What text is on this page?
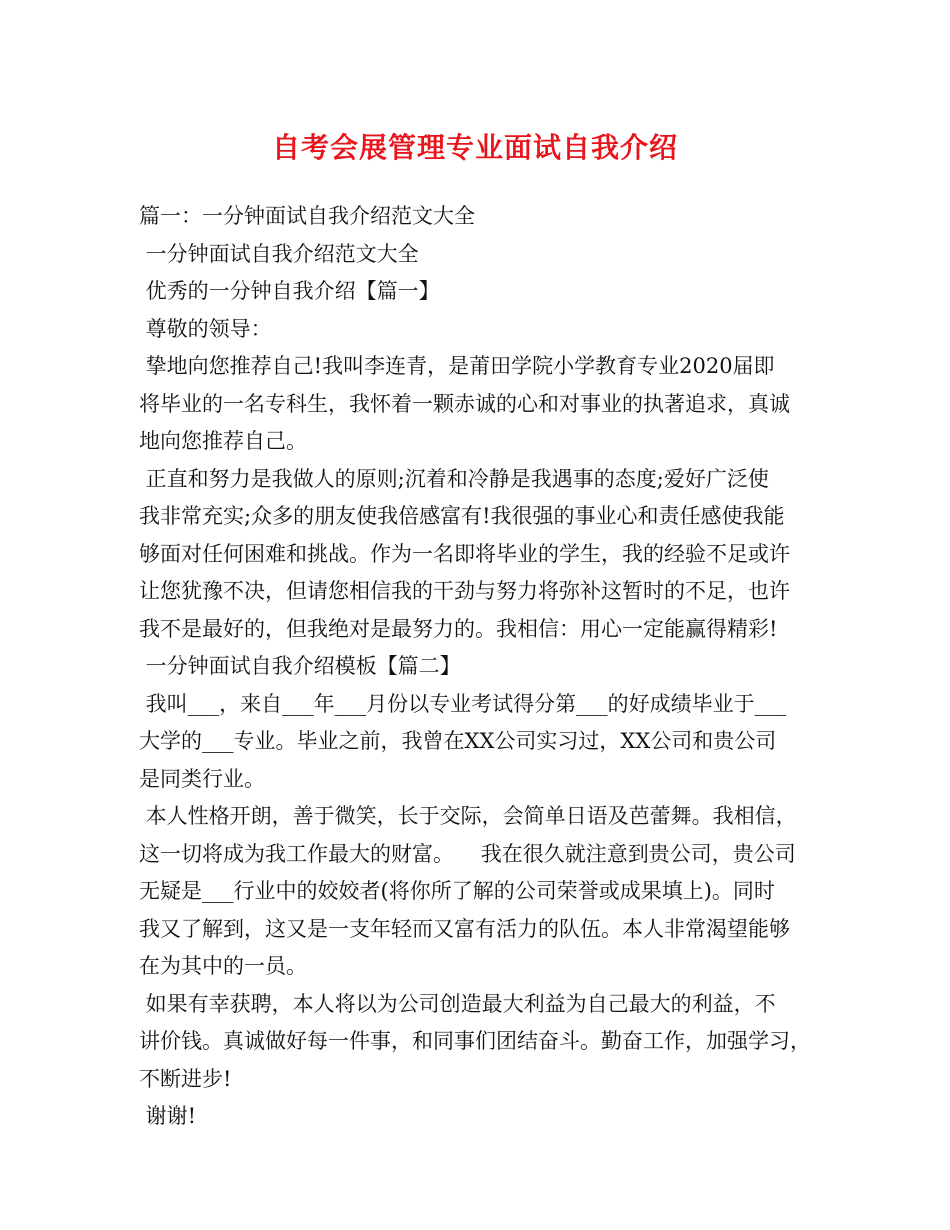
自考会展管理专业面试自我介绍
篇一：一分钟面试自我介绍范文大全
一分钟面试自我介绍范文大全
优秀的一分钟自我介绍【篇一】
尊敬的领导：
挚地向您推荐自己!我叫李连青，是莆田学院小学教育专业2020届即
将毕业的一名专科生，我怀着一颗赤诚的心和对事业的执著追求，真诚
地向您推荐自己。
正直和努力是我做人的原则;沉着和冷静是我遇事的态度;爱好广泛使
我非常充实;众多的朋友使我倍感富有!我很强的事业心和责任感使我能
够面对任何困难和挑战。作为一名即将毕业的学生，我的经验不足或许
让您犹豫不决，但请您相信我的干劲与努力将弥补这暂时的不足，也许
我不是最好的，但我绝对是最努力的。我相信：用心一定能赢得精彩!
一分钟面试自我介绍模板【篇二】
我叫___，来自___年___月份以专业考试得分第___的好成绩毕业于___
大学的___专业。毕业之前，我曾在XX公司实习过，XX公司和贵公司
是同类行业。
本人性格开朗，善于微笑，长于交际，会简单日语及芭蕾舞。我相信，
这一切将成为我工作最大的财富。    我在很久就注意到贵公司，贵公司
无疑是___行业中的姣姣者(将你所了解的公司荣誉或成果填上)。同时
我又了解到，这又是一支年轻而又富有活力的队伍。本人非常渴望能够
在为其中的一员。
如果有幸获聘，本人将以为公司创造最大利益为自己最大的利益，不
讲价钱。真诚做好每一件事，和同事们团结奋斗。勤奋工作，加强学习，
不断进步!
谢谢!
